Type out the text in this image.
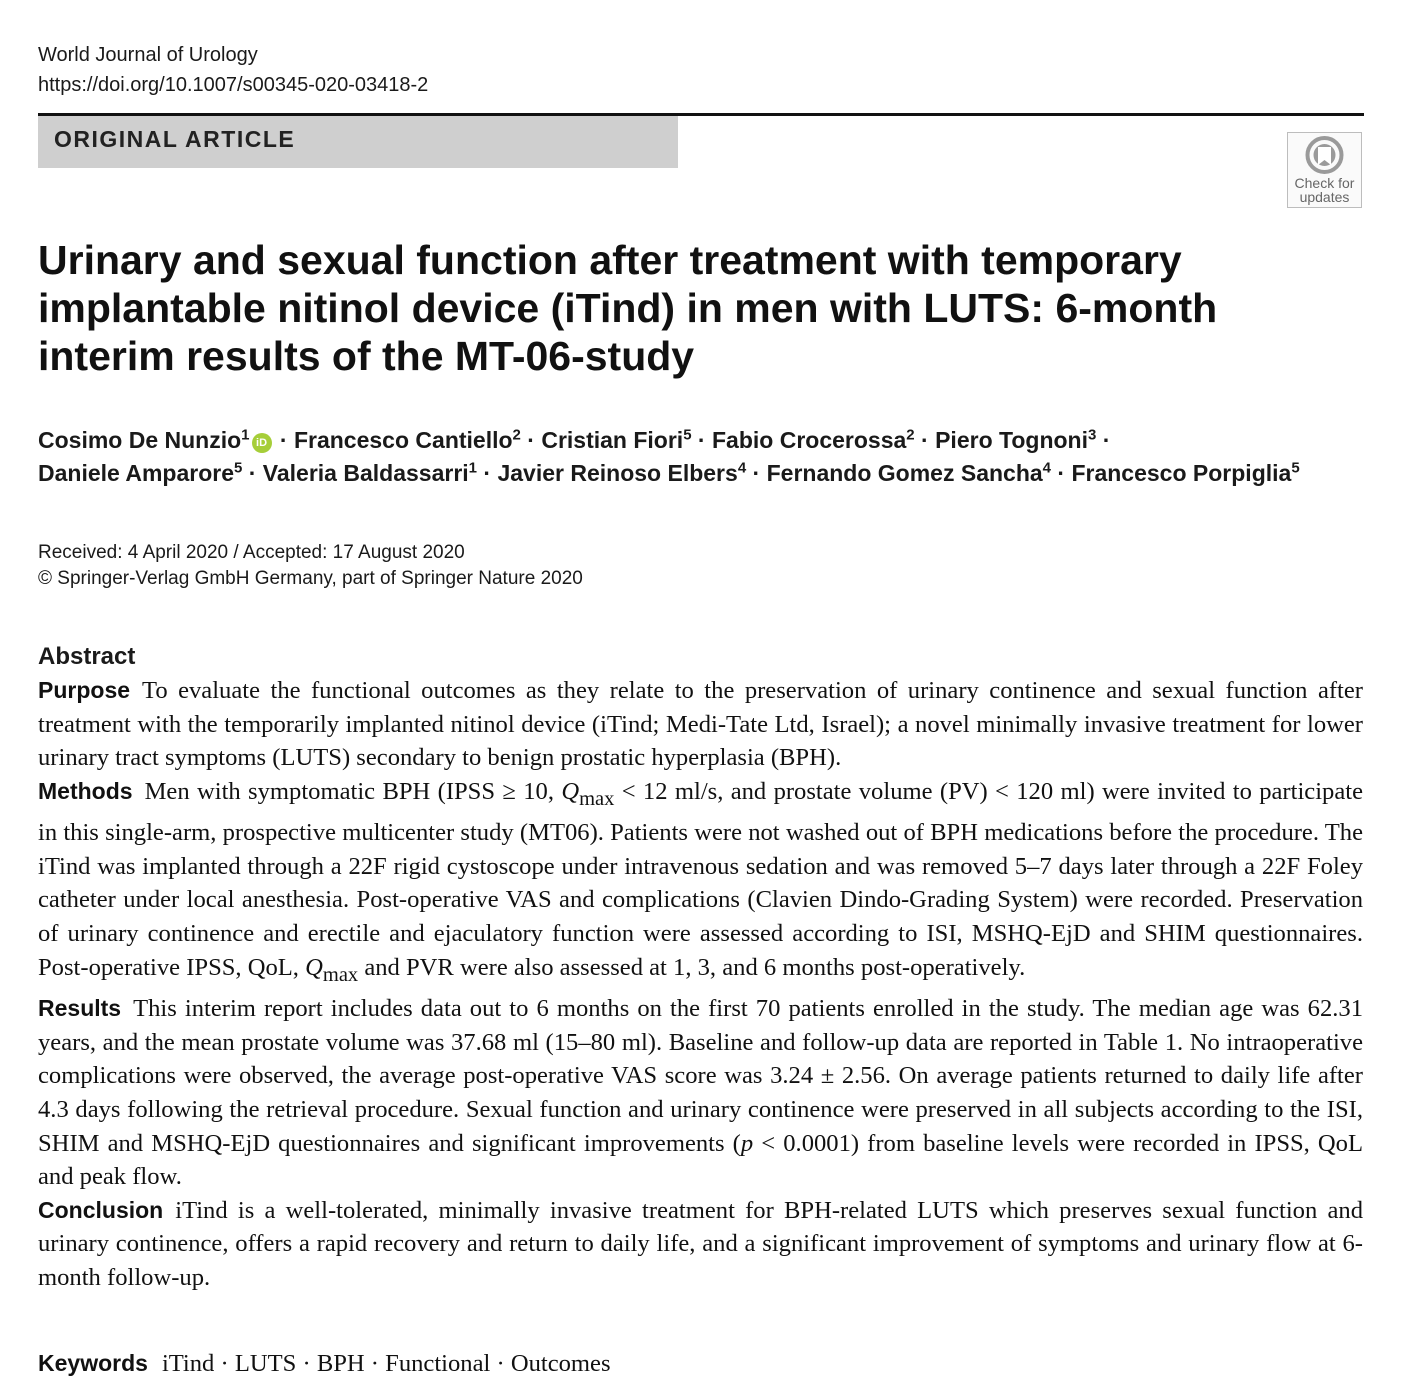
World Journal of Urology
https://doi.org/10.1007/s00345-020-03418-2
ORIGINAL ARTICLE
Check for
updates
Urinary and sexual function after treatment with temporary implantable nitinol device (iTind) in men with LUTS: 6-month interim results of the MT-06-study
Cosimo De Nunzio$^1$ iD · Francesco Cantiello$^2$ · Cristian Fiori$^5$ · Fabio Crocerossa$^2$ · Piero Tognoni$^3$ ·
Daniele Amparore$^5$ · Valeria Baldassarri$^1$ · Javier Reinoso Elbers$^4$ · Fernando Gomez Sancha$^4$ · Francesco Porpiglia$^5$
Received: 4 April 2020 / Accepted: 17 August 2020
© Springer-Verlag GmbH Germany, part of Springer Nature 2020
Abstract

Purpose To evaluate the functional outcomes as they relate to the preservation of urinary continence and sexual function after treatment with the temporarily implanted nitinol device (iTind; Medi-Tate Ltd, Israel); a novel minimally invasive treatment for lower urinary tract symptoms (LUTS) secondary to benign prostatic hyperplasia (BPH).

Methods Men with symptomatic BPH (IPSS ≥ 10, $Q_{max} < 12$ ml/s, and prostate volume (PV) < 120 ml) were invited to participate in this single-arm, prospective multicenter study (MT06). Patients were not washed out of BPH medications before the procedure. The iTind was implanted through a 22F rigid cystoscope under intravenous sedation and was removed 5–7 days later through a 22F Foley catheter under local anesthesia. Post-operative VAS and complications (Clavien Dindo-Grading System) were recorded. Preservation of urinary continence and erectile and ejaculatory function were assessed according to ISI, MSHQ-EjD and SHIM questionnaires. Post-operative IPSS, QoL, $Q_{max}$ and PVR were also assessed at 1, 3, and 6 months post-operatively.

Results This interim report includes data out to 6 months on the first 70 patients enrolled in the study. The median age was 62.31 years, and the mean prostate volume was 37.68 ml (15–80 ml). Baseline and follow-up data are reported in Table 1. No intraoperative complications were observed, the average post-operative VAS score was 3.24 ± 2.56. On average patients returned to daily life after 4.3 days following the retrieval procedure. Sexual function and urinary continence were preserved in all subjects according to the ISI, SHIM and MSHQ-EjD questionnaires and significant improvements (p < 0.0001) from baseline levels were recorded in IPSS, QoL and peak flow.

Conclusion iTind is a well-tolerated, minimally invasive treatment for BPH-related LUTS which preserves sexual function and urinary continence, offers a rapid recovery and return to daily life, and a significant improvement of symptoms and urinary flow at 6-month follow-up.

Keywords iTind · LUTS · BPH · Functional · Outcomes
